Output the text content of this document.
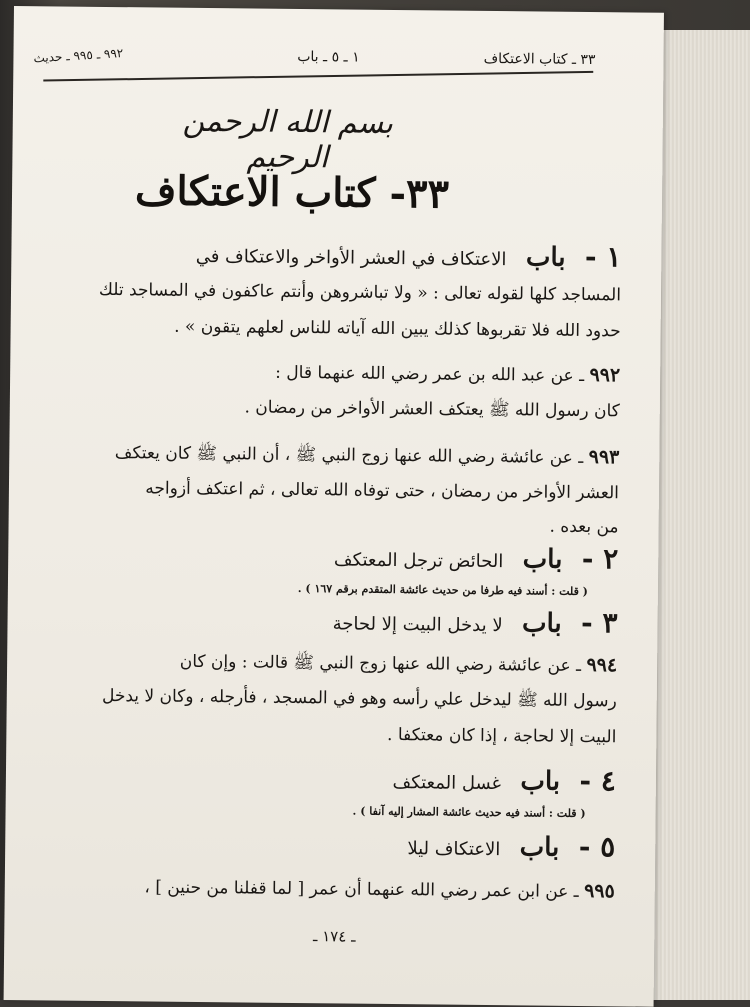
٣٣ ـ كتاب الاعتكاف
١ ـ ٥ ـ باب
٩٩٢ ـ ٩٩٥ ـ حديث
بسم الله الرحمن الرحيم
٣٣- كتاب الاعتكاف
١ - باب الاعتكاف في العشر الأواخر والاعتكاف في
المساجد كلها لقوله تعالى : « ولا تباشروهن وأنتم عاكفون في المساجد تلك
حدود الله فلا تقربوها كذلك يبين الله آياته للناس لعلهم يتقون » .
٩٩٢ ـ عن عبد الله بن عمر رضي الله عنهما قال :
كان رسول الله ﷺ يعتكف العشر الأواخر من رمضان .
٩٩٣ ـ عن عائشة رضي الله عنها زوج النبي ﷺ ، أن النبي ﷺ كان يعتكف
العشر الأواخر من رمضان ، حتى توفاه الله تعالى ، ثم اعتكف أزواجه
من بعده .
٢ - باب الحائض ترجل المعتكف
( قلت : أسند فيه طرفا من حديث عائشة المتقدم برقم ١٦٧ ) .
٣ - باب لا يدخل البيت إلا لحاجة
٩٩٤ ـ عن عائشة رضي الله عنها زوج النبي ﷺ قالت : وإن كان
رسول الله ﷺ ليدخل علي رأسه وهو في المسجد ، فأرجله ، وكان لا يدخل
البيت إلا لحاجة ، إذا كان معتكفا .
٤ - باب غسل المعتكف
( قلت : أسند فيه حديث عائشة المشار إليه آنفا ) .
٥ - باب الاعتكاف ليلا
٩٩٥ ـ عن ابن عمر رضي الله عنهما أن عمر [ لما قفلنا من حنين ] ،
ـ ١٧٤ ـ
